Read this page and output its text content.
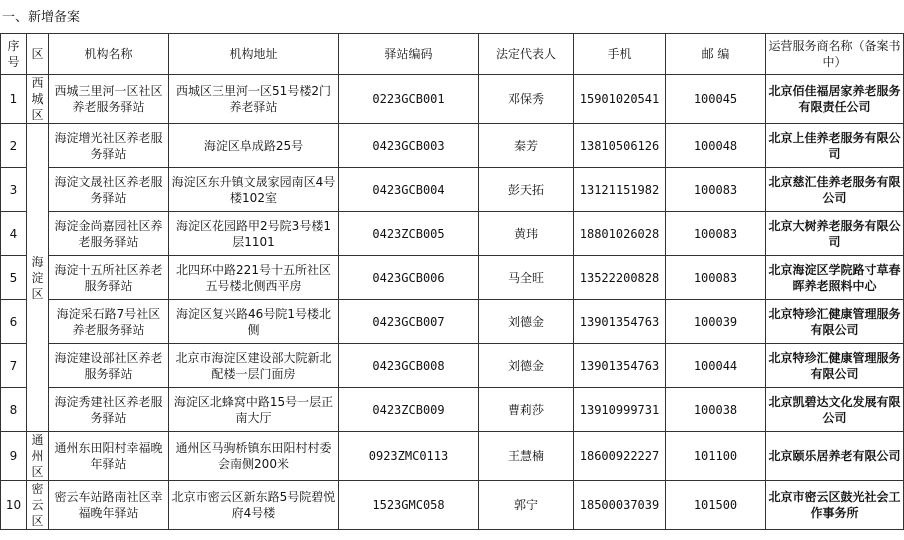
一、新增备案
序号	区	机构名称	机构地址	驿站编码	法定代表人	手机	邮 编	运营服务商名称（备案书中）
1	西城区	西城三里河一区社区养老服务驿站	西城区三里河一区51号楼2门养老驿站	0223GCB001	邓保秀	15901020541	100045	北京佰佳福居家养老服务有限责任公司
2	海淀区	海淀增光社区养老服务驿站	海淀区阜成路25号	0423GCB003	秦芳	13810506126	100048	北京上佳养老服务有限公司
3		海淀文晟社区养老服务驿站	海淀区东升镇文晟家园南区4号楼102室	0423GCB004	彭天拓	13121151982	100083	北京慈汇佳养老服务有限公司
4		海淀金尚嘉园社区养老服务驿站	海淀区花园路甲2号院3号楼1层1101	0423ZCB005	黄玮	18801026028	100083	北京大树养老服务有限公司
5		海淀十五所社区养老服务驿站	北四环中路221号十五所社区五号楼北侧西平房	0423GCB006	马全旺	13522200828	100083	北京海淀区学院路寸草春晖养老照料中心
6		海淀采石路7号社区养老服务驿站	海淀区复兴路46号院1号楼北侧	0423GCB007	刘德金	13901354763	100039	北京特珍汇健康管理服务有限公司
7		海淀建设部社区养老服务驿站	北京市海淀区建设部大院新北配楼一层门面房	0423GCB008	刘德金	13901354763	100044	北京特珍汇健康管理服务有限公司
8		海淀秀建社区养老服务驿站	海淀区北蜂窝中路15号一层正南大厅	0423ZCB009	曹莉莎	13910999731	100038	北京凯碧达文化发展有限公司
9	通州区	通州东田阳村幸福晚年驿站	通州区马驹桥镇东田阳村村委会南侧200米	0923ZMC0113	王慧楠	18600922227	101100	北京颐乐居养老有限公司
10	密云区	密云车站路南社区幸福晚年驿站	北京市密云区新东路5号院碧悦府4号楼	1523GMC058	郭宁	18500037039	101500	北京市密云区鼓光社会工作事务所
